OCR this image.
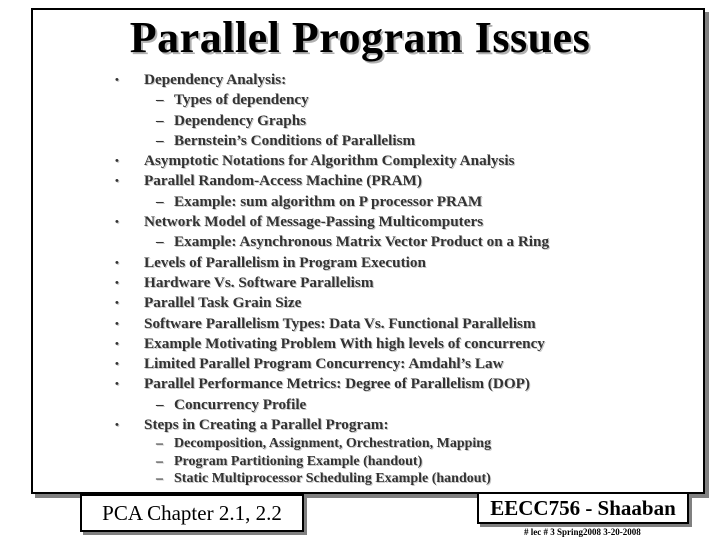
Parallel Program Issues
• Dependency Analysis:
– Types of dependency
– Dependency Graphs
– Bernstein’s Conditions of Parallelism
• Asymptotic Notations for Algorithm Complexity Analysis
• Parallel Random-Access Machine (PRAM)
– Example: sum algorithm on P processor PRAM
• Network Model of Message-Passing Multicomputers
– Example: Asynchronous Matrix Vector Product on a Ring
• Levels of Parallelism in Program Execution
• Hardware Vs. Software Parallelism
• Parallel Task Grain Size
• Software Parallelism Types: Data Vs. Functional Parallelism
• Example Motivating Problem With high levels of concurrency
• Limited Parallel Program Concurrency: Amdahl’s Law
• Parallel Performance Metrics: Degree of Parallelism (DOP)
– Concurrency Profile
• Steps in Creating a Parallel Program:
– Decomposition, Assignment, Orchestration, Mapping
– Program Partitioning Example (handout)
– Static Multiprocessor Scheduling Example (handout)
PCA Chapter 2.1, 2.2	EECC756 - Shaaban
# lec # 3 Spring2008 3-20-2008
